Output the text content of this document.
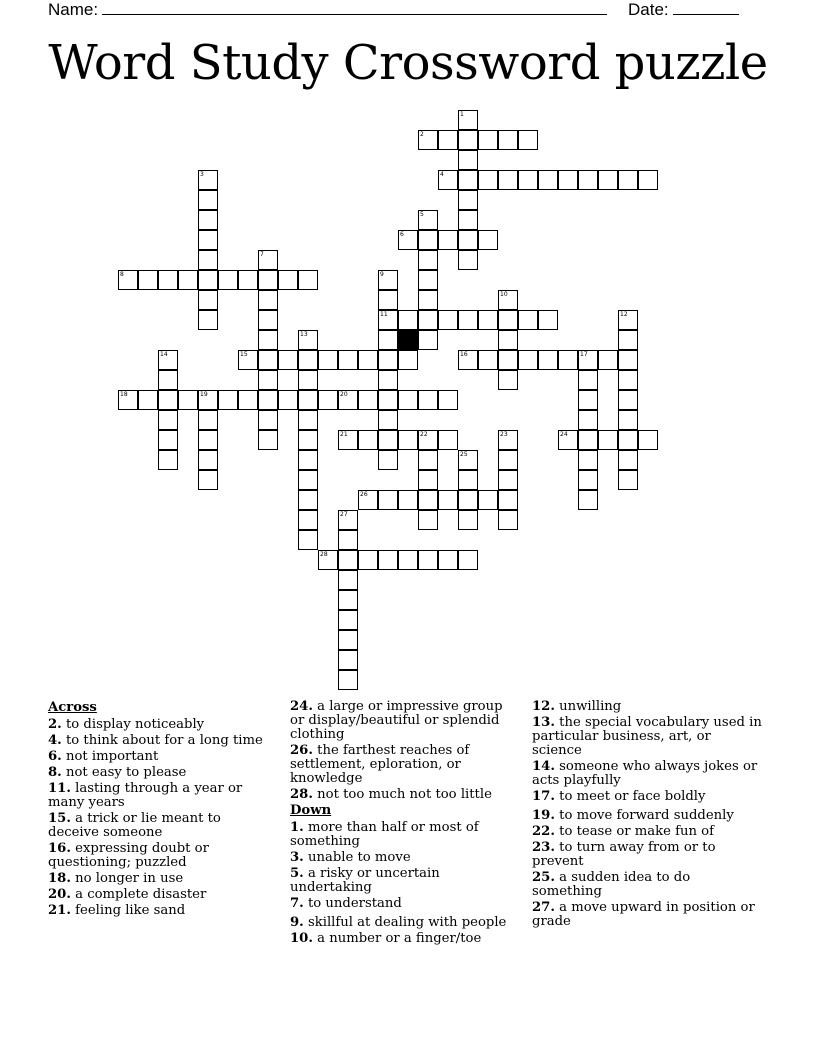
Name:	Date:
Word Study Crossword puzzle
2
4
6
8
11
15	16	17
18	19	20
21	22	24
26
28
1
3
5
7
9
10
12
13
14
23
25
27
Across
2. to display noticeably
4. to think about for a long time
6. not important
8. not easy to please
11. lasting through a year or many years
15. a trick or lie meant to deceive someone
16. expressing doubt or questioning; puzzled
18. no longer in use
20. a complete disaster
21. feeling like sand
24. a large or impressive group or display/beautiful or splendid clothing
26. the farthest reaches of settlement, eploration, or knowledge
28. not too much not too little
Down
1. more than half or most of something
3. unable to move
5. a risky or uncertain undertaking
7. to understand
9. skillful at dealing with people
10. a number or a finger/toe
12. unwilling
13. the special vocabulary used in particular business, art, or science
14. someone who always jokes or acts playfully
17. to meet or face boldly
19. to move forward suddenly
22. to tease or make fun of
23. to turn away from or to prevent
25. a sudden idea to do something
27. a move upward in position or grade
